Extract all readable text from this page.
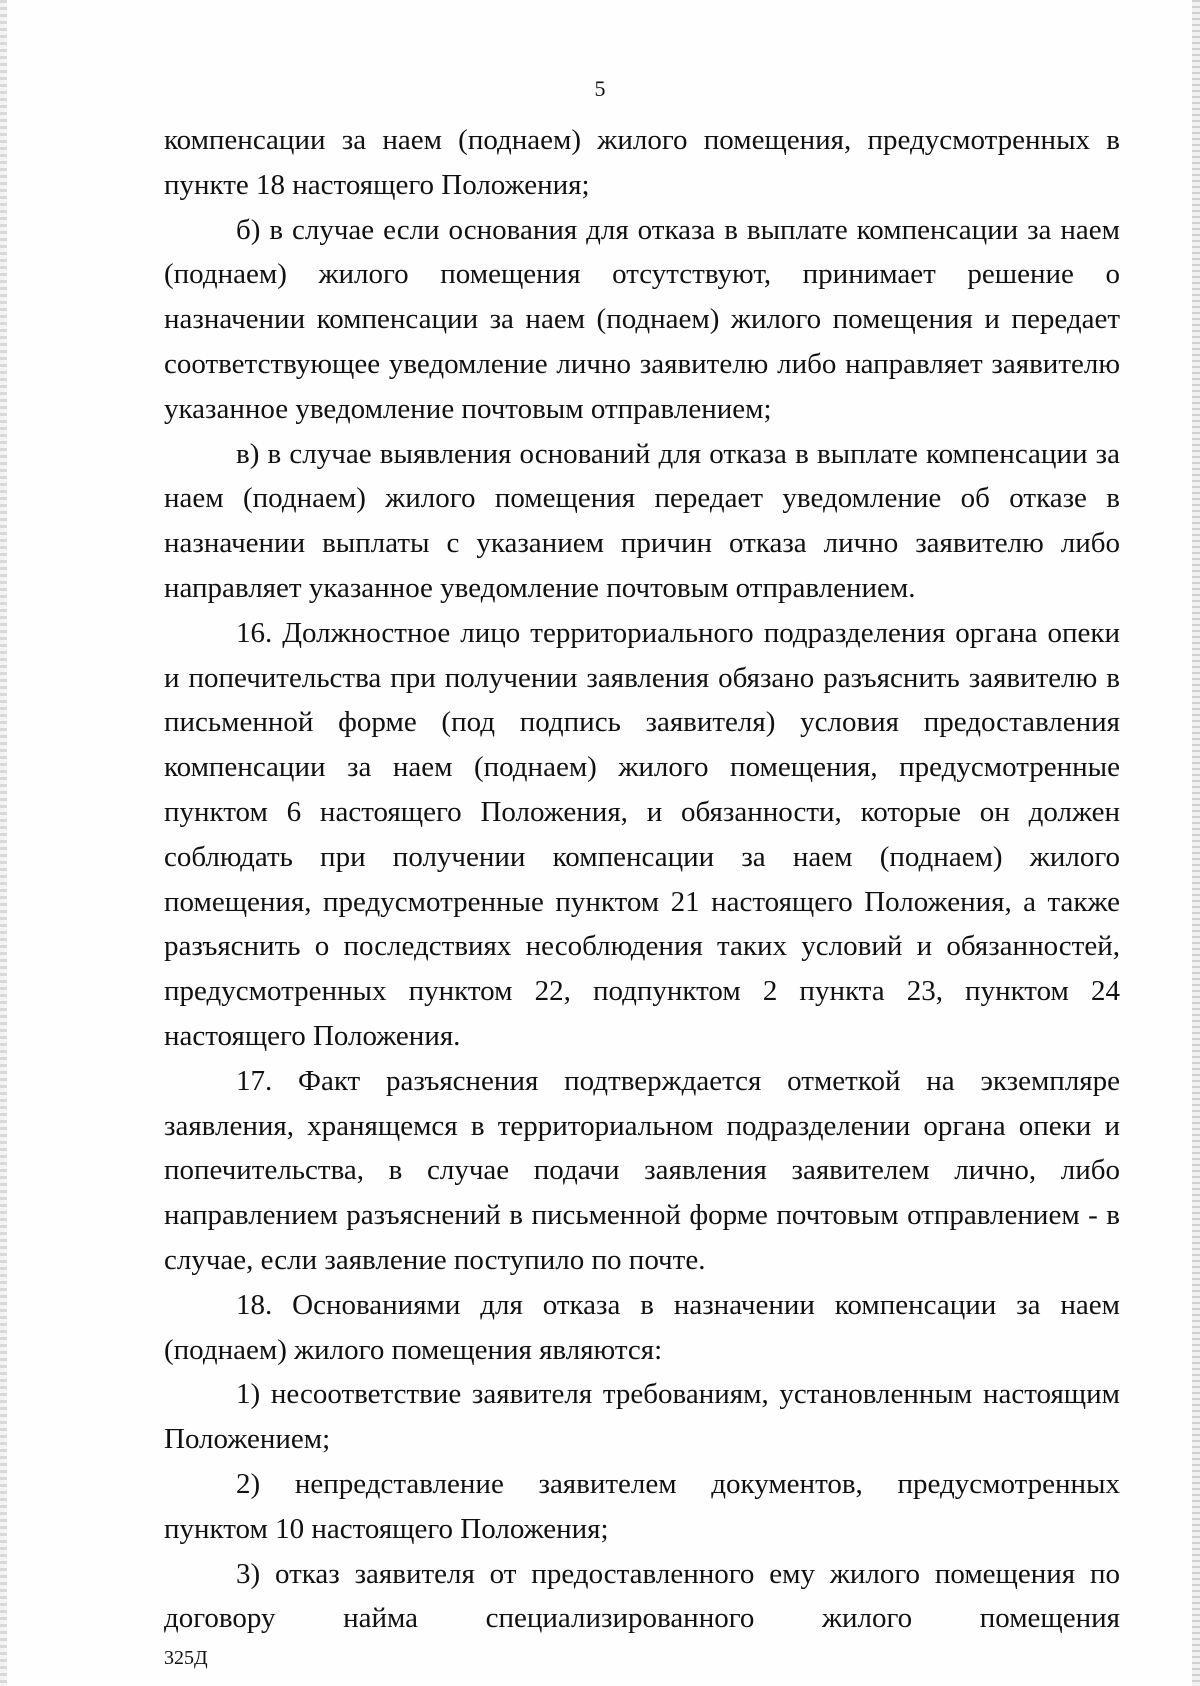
5

компенсации за наем (поднаем) жилого помещения, предусмотренных в пункте 18 настоящего Положения;

б) в случае если основания для отказа в выплате компенсации за наем (поднаем) жилого помещения отсутствуют, принимает решение о назначении компенсации за наем (поднаем) жилого помещения и передает соответствующее уведомление лично заявителю либо направляет заявителю указанное уведомление почтовым отправлением;

в) в случае выявления оснований для отказа в выплате компенсации за наем (поднаем) жилого помещения передает уведомление об отказе в назначении выплаты с указанием причин отказа лично заявителю либо направляет указанное уведомление почтовым отправлением.

16. Должностное лицо территориального подразделения органа опеки и попечительства при получении заявления обязано разъяснить заявителю в письменной форме (под подпись заявителя) условия предоставления компенсации за наем (поднаем) жилого помещения, предусмотренные пунктом 6 настоящего Положения, и обязанности, которые он должен соблюдать при получении компенсации за наем (поднаем) жилого помещения, предусмотренные пунктом 21 настоящего Положения, а также разъяснить о последствиях несоблюдения таких условий и обязанностей, предусмотренных пунктом 22, подпунктом 2 пункта 23, пунктом 24 настоящего Положения.

17. Факт разъяснения подтверждается отметкой на экземпляре заявления, хранящемся в территориальном подразделении органа опеки и попечительства, в случае подачи заявления заявителем лично, либо направлением разъяснений в письменной форме почтовым отправлением - в случае, если заявление поступило по почте.

18. Основаниями для отказа в назначении компенсации за наем (поднаем) жилого помещения являются:

1) несоответствие заявителя требованиям, установленным настоящим Положением;

2) непредставление заявителем документов, предусмотренных пунктом 10 настоящего Положения;

3) отказ заявителя от предоставленного ему жилого помещения по договору найма специализированного жилого помещения

325Д
